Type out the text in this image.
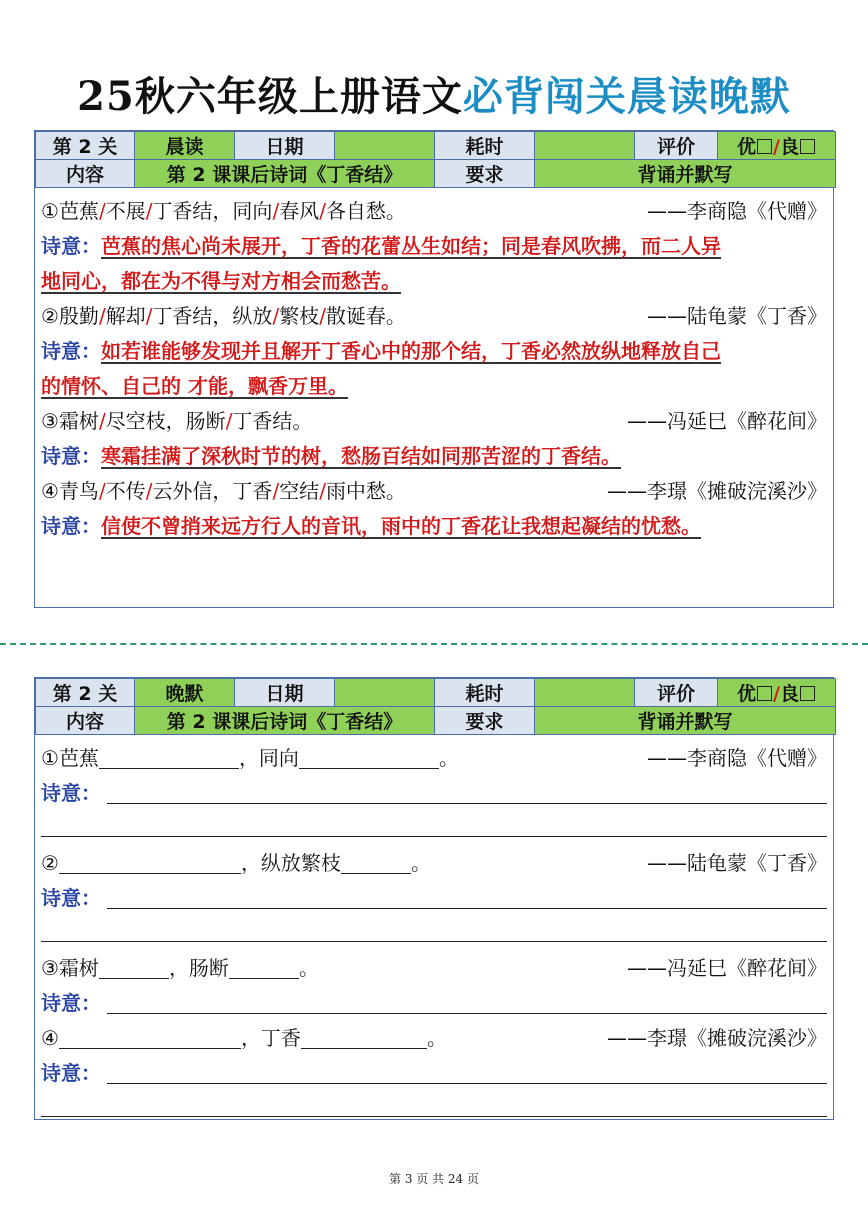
25秋六年级上册语文必背闯关晨读晚默
第 2 关	晨读	日期		耗时		评价	优 /良
内容	第 2 课课后诗词《丁香结》			要求	背诵并默写		
①芭蕉/不展/丁香结，同向/春风/各自愁。	——李商隐《代赠》
诗意：芭蕉的焦心尚未展开，丁香的花蕾丛生如结；同是春风吹拂，而二人异
地同心，都在为不得与对方相会而愁苦。
②殷勤/解却/丁香结，纵放/繁枝/散诞春。	——陆龟蒙《丁香》
诗意：如若谁能够发现并且解开丁香心中的那个结，丁香必然放纵地释放自己
的情怀、自己的 才能，飘香万里。
③霜树/尽空枝，肠断/丁香结。	——冯延巳《醉花间》
诗意：寒霜挂满了深秋时节的树，愁肠百结如同那苦涩的丁香结。
④青鸟/不传/云外信，丁香/空结/雨中愁。	——李璟《摊破浣溪沙》
诗意：信使不曾捎来远方行人的音讯，雨中的丁香花让我想起凝结的忧愁。
第 2 关	晚默	日期		耗时		评价	优 /良
内容	第 2 课课后诗词《丁香结》			要求	背诵并默写		
①芭蕉	，同向	。	——李商隐《代赠》
诗意：
②	，纵放繁枝	。	——陆龟蒙《丁香》
诗意：
③霜树	，肠断	。	——冯延巳《醉花间》
诗意：
④	，丁香	。	——李璟《摊破浣溪沙》
诗意：
第 3 页 共 24 页
